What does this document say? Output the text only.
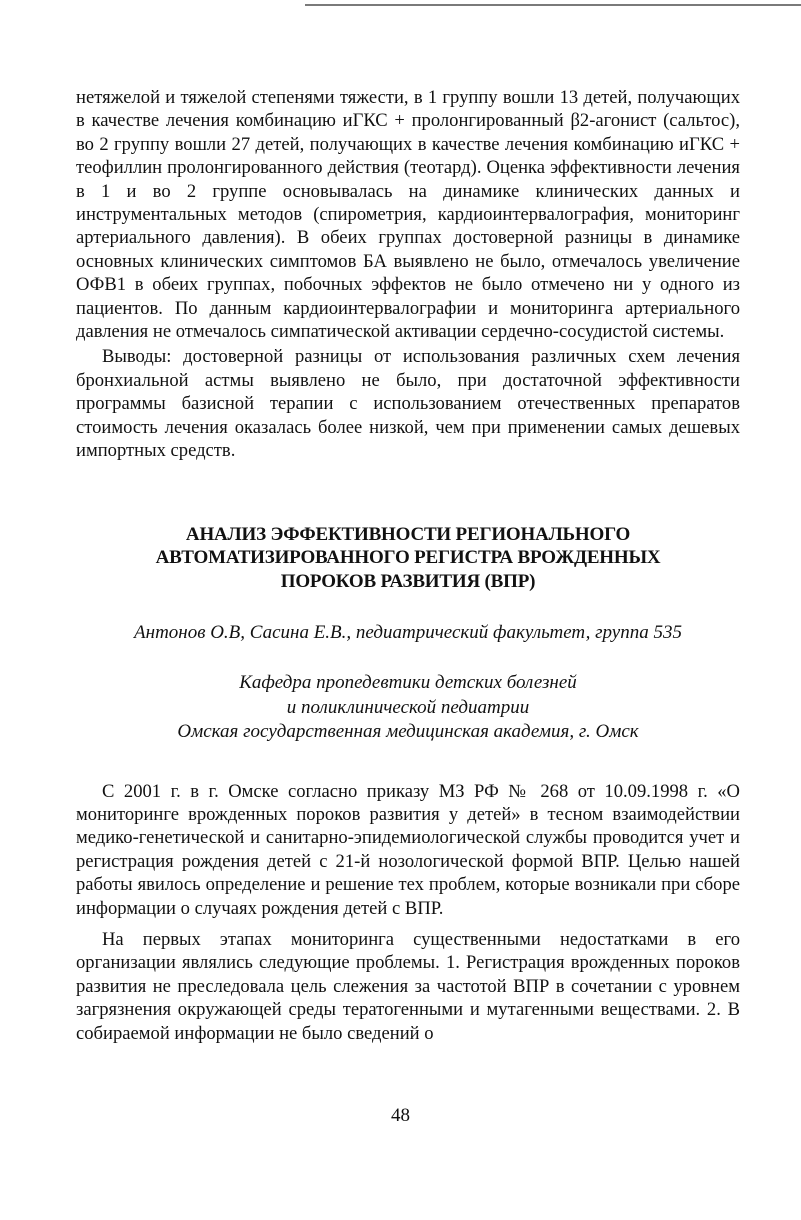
нетяжелой и тяжелой степенями тяжести, в 1 группу вошли 13 детей, получающих в качестве лечения комбинацию иГКС + пролонгированный β2-агонист (сальтос), во 2 группу вошли 27 детей, получающих в качестве лечения комбинацию иГКС + теофиллин пролонгированного действия (теотард). Оценка эффективности лечения в 1 и во 2 группе основывалась на динамике клинических данных и инструментальных методов (спирометрия, кардиоинтервалография, мониторинг артериального давления). В обеих группах достоверной разницы в динамике основных клинических симптомов БА выявлено не было, отмечалось увеличение ОФВ1 в обеих группах, побочных эффектов не было отмечено ни у одного из пациентов. По данным кардиоинтервалографии и мониторинга артериального давления не отмечалось симпатической активации сердечно-сосудистой системы.

Выводы: достоверной разницы от использования различных схем лечения бронхиальной астмы выявлено не было, при достаточной эффективности программы базисной терапии с использованием отечественных препаратов стоимость лечения оказалась более низкой, чем при применении самых дешевых импортных средств.

АНАЛИЗ ЭФФЕКТИВНОСТИ РЕГИОНАЛЬНОГО
АВТОМАТИЗИРОВАННОГО РЕГИСТРА ВРОЖДЕННЫХ
ПОРОКОВ РАЗВИТИЯ (ВПР)
Антонов О.В, Сасина Е.В., педиатрический факультет, группа 535
Кафедра пропедевтики детских болезней
и поликлинической педиатрии
Омская государственная медицинская академия, г. Омск

С 2001 г. в г. Омске согласно приказу МЗ РФ № 268 от 10.09.1998 г. «О мониторинге врожденных пороков развития у детей» в тесном взаимодействии медико-генетической и санитарно-эпидемиологической службы проводится учет и регистрация рождения детей с 21-й нозологической формой ВПР. Целью нашей работы явилось определение и решение тех проблем, которые возникали при сборе информации о случаях рождения детей с ВПР.

На первых этапах мониторинга существенными недостатками в его организации являлись следующие проблемы. 1. Регистрация врожденных пороков развития не преследовала цель слежения за частотой ВПР в сочетании с уровнем загрязнения окружающей среды тератогенными и мутагенными веществами. 2. В собираемой информации не было сведений о

48
